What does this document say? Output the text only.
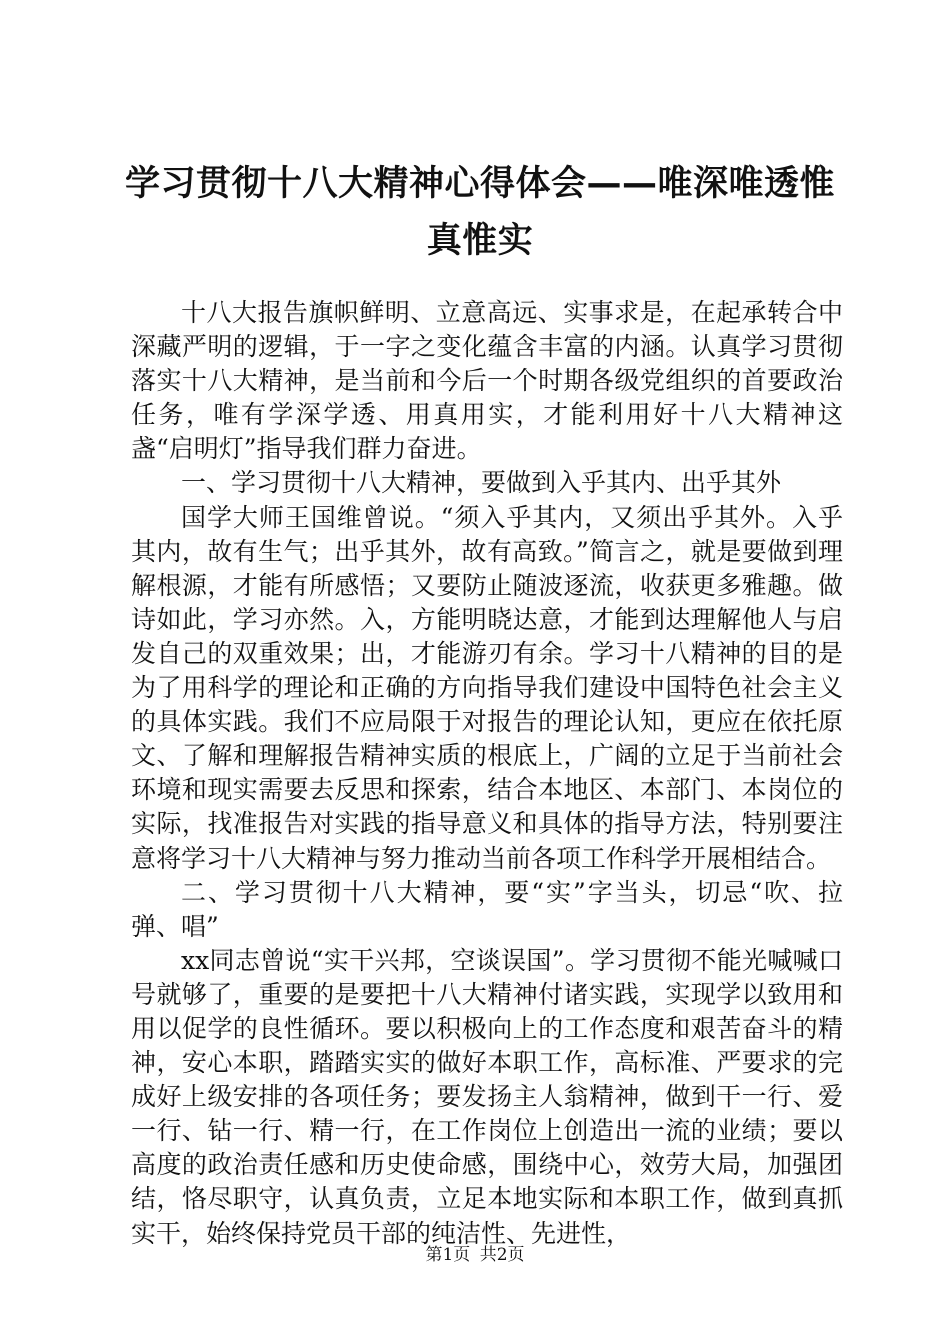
学习贯彻十八大精神心得体会——唯深唯透惟真惟实

十八大报告旗帜鲜明、立意高远、实事求是，在起承转合中深藏严明的逻辑，于一字之变化蕴含丰富的内涵。认真学习贯彻落实十八大精神，是当前和今后一个时期各级党组织的首要政治任务，唯有学深学透、用真用实，才能利用好十八大精神这盏“启明灯”指导我们群力奋进。

一、学习贯彻十八大精神，要做到入乎其内、出乎其外

国学大师王国维曾说。“须入乎其内，又须出乎其外。入乎其内，故有生气；出乎其外，故有高致。”简言之，就是要做到理解根源，才能有所感悟；又要防止随波逐流，收获更多雅趣。做诗如此，学习亦然。入，方能明晓达意，才能到达理解他人与启发自己的双重效果；出，才能游刃有余。学习十八精神的目的是为了用科学的理论和正确的方向指导我们建设中国特色社会主义的具体实践。我们不应局限于对报告的理论认知，更应在依托原文、了解和理解报告精神实质的根底上，广阔的立足于当前社会环境和现实需要去反思和探索，结合本地区、本部门、本岗位的实际，找准报告对实践的指导意义和具体的指导方法，特别要注意将学习十八大精神与努力推动当前各项工作科学开展相结合。

二、学习贯彻十八大精神，要“实”字当头，切忌“吹、拉弹、唱”

xx同志曾说“实干兴邦，空谈误国”。学习贯彻不能光喊喊口号就够了，重要的是要把十八大精神付诸实践，实现学以致用和用以促学的良性循环。要以积极向上的工作态度和艰苦奋斗的精神，安心本职，踏踏实实的做好本职工作，高标准、严要求的完成好上级安排的各项任务；要发扬主人翁精神，做到干一行、爱一行、钻一行、精一行，在工作岗位上创造出一流的业绩；要以高度的政治责任感和历史使命感，围绕中心，效劳大局，加强团结，恪尽职守，认真负责，立足本地实际和本职工作，做到真抓实干，始终保持党员干部的纯洁性、先进性，

第1页 共2页
